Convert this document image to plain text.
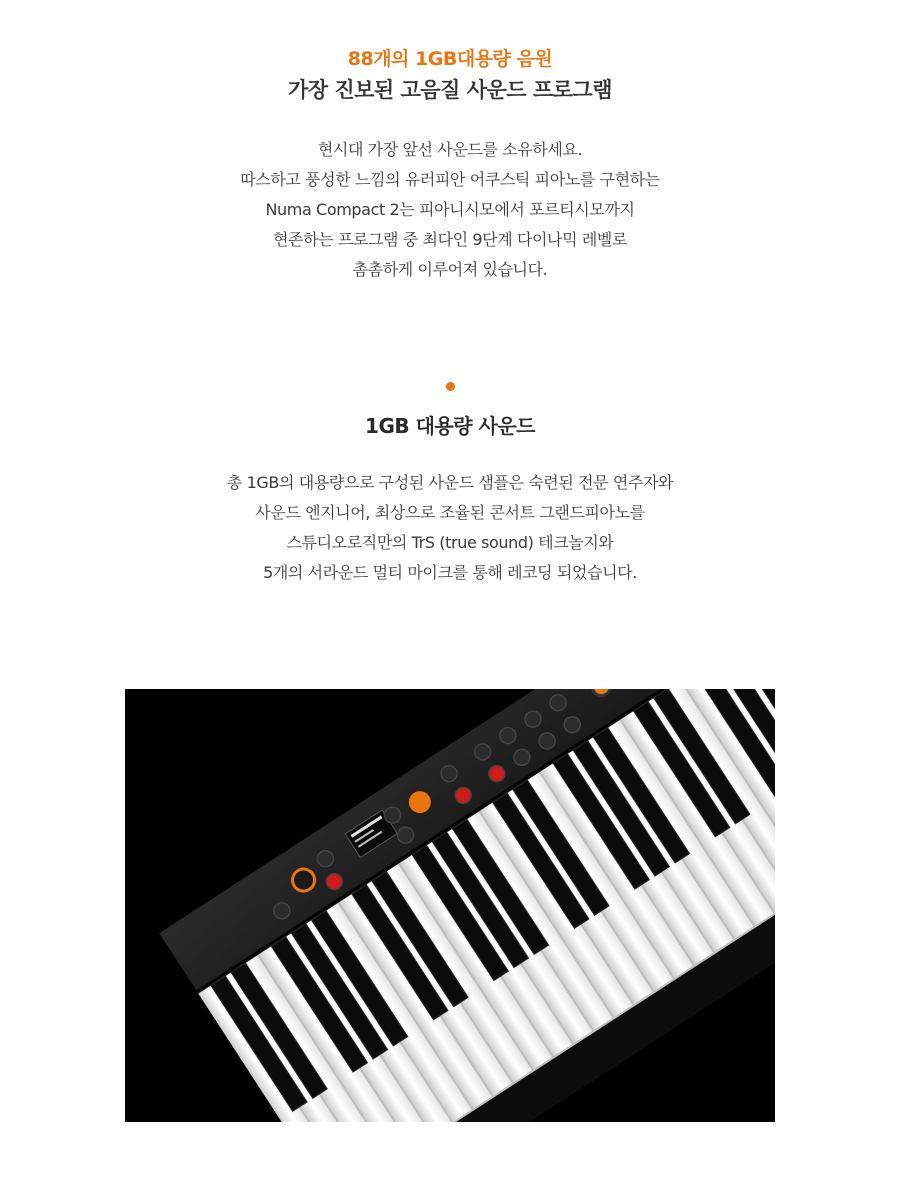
88개의 1GB대용량 음원
가장 진보된 고음질 사운드 프로그램

현시대 가장 앞선 사운드를 소유하세요.

따스하고 풍성한 느낌의 유러피안 어쿠스틱 피아노를 구현하는

Numa Compact 2는 피아니시모에서 포르티시모까지

현존하는 프로그램 중 최다인 9단계 다이나믹 레벨로

촘촘하게 이루어져 있습니다.

1GB 대용량 사운드

총 1GB의 대용량으로 구성된 사운드 샘플은 숙련된 전문 연주자와

사운드 엔지니어, 최상으로 조율된 콘서트 그랜드피아노를

스튜디오로직만의 TrS (true sound) 테크놀지와

5개의 서라운드 멀티 마이크를 통해 레코딩 되었습니다.
